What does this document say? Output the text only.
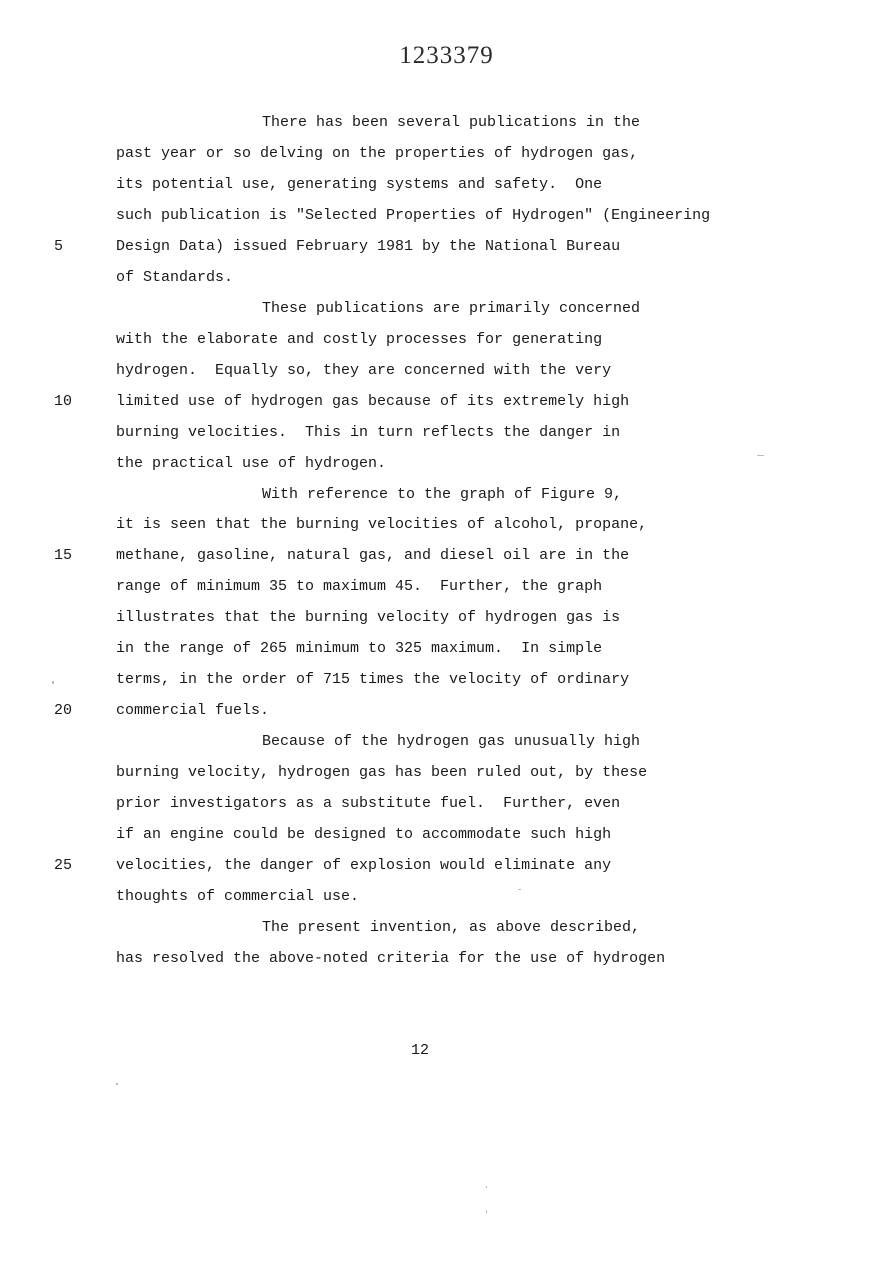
1233379
There has been several publications in the
past year or so delving on the properties of hydrogen gas,
its potential use, generating systems and safety.  One
such publication is "Selected Properties of Hydrogen" (Engineering
Design Data) issued February 1981 by the National Bureau
of Standards.
These publications are primarily concerned
with the elaborate and costly processes for generating
hydrogen.  Equally so, they are concerned with the very
limited use of hydrogen gas because of its extremely high
burning velocities.  This in turn reflects the danger in
the practical use of hydrogen.
With reference to the graph of Figure 9,
it is seen that the burning velocities of alcohol, propane,
methane, gasoline, natural gas, and diesel oil are in the
range of minimum 35 to maximum 45.  Further, the graph
illustrates that the burning velocity of hydrogen gas is
in the range of 265 minimum to 325 maximum.  In simple
terms, in the order of 715 times the velocity of ordinary
commercial fuels.
Because of the hydrogen gas unusually high
burning velocity, hydrogen gas has been ruled out, by these
prior investigators as a substitute fuel.  Further, even
if an engine could be designed to accommodate such high
velocities, the danger of explosion would eliminate any
thoughts of commercial use.
The present invention, as above described,
has resolved the above-noted criteria for the use of hydrogen
5
10
15
20
25
12
